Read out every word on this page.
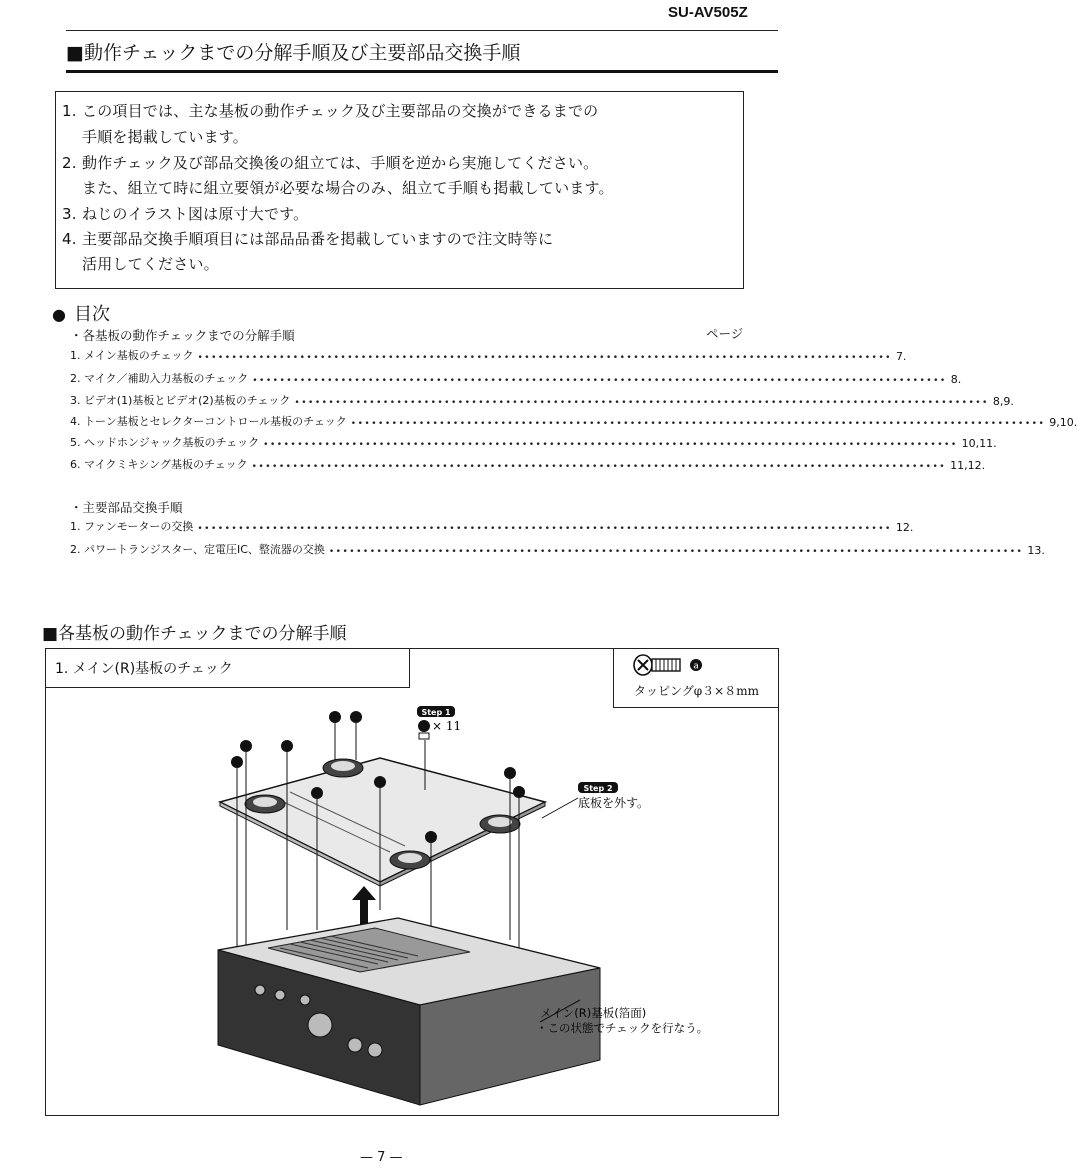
SU-AV505Z
■動作チェックまでの分解手順及び主要部品交換手順
1. この項目では、主な基板の動作チェック及び主要部品の交換ができるまでの
手順を掲載しています。
2. 動作チェック及び部品交換後の組立ては、手順を逆から実施してください。
また、組立て時に組立要領が必要な場合のみ、組立て手順も掲載しています。
3. ねじのイラスト図は原寸大です。
4. 主要部品交換手順項目には部品品番を掲載していますので注文時等に
活用してください。
● 目次
・各基板の動作チェックまでの分解手順	ページ
1. メイン基板のチェック •••••••••••••••••••••••••••••••••••••••••••••••••••••••••••••••••••••••••••••••••••••••••••••••••••••• 7.
2. マイク／補助入力基板のチェック •••••••••••••••••••••••••••••••••••••••••••••••••••••••••••••••••••••••••••••••••••••••••••••••••••••• 8.
3. ビデオ(1)基板とビデオ(2)基板のチェック •••••••••••••••••••••••••••••••••••••••••••••••••••••••••••••••••••••••••••••••••••••••••••••••••••••• 8,9.
4. トーン基板とセレクターコントロール基板のチェック •••••••••••••••••••••••••••••••••••••••••••••••••••••••••••••••••••••••••••••••••••••••••••••••••••••• 9,10.
5. ヘッドホンジャック基板のチェック •••••••••••••••••••••••••••••••••••••••••••••••••••••••••••••••••••••••••••••••••••••••••••••••••••••• 10,11.
6. マイクミキシング基板のチェック •••••••••••••••••••••••••••••••••••••••••••••••••••••••••••••••••••••••••••••••••••••••••••••••••••••• 11,12.
・主要部品交換手順
1. ファンモーターの交換 •••••••••••••••••••••••••••••••••••••••••••••••••••••••••••••••••••••••••••••••••••••••••••••••••••••• 12.
2. パワートランジスター、定電圧IC、整流器の交換 •••••••••••••••••••••••••••••••••••••••••••••••••••••••••••••••••••••••••••••••••••••••••••••••••••••• 13.
■各基板の動作チェックまでの分解手順
1. メイン(R)基板のチェック	a
タッピングφ３×８mm
Step 1
× 11
Step 2
底板を外す。
メイン(R)基板(箔面)
・この状態でチェックを行なう。
— 7 —
